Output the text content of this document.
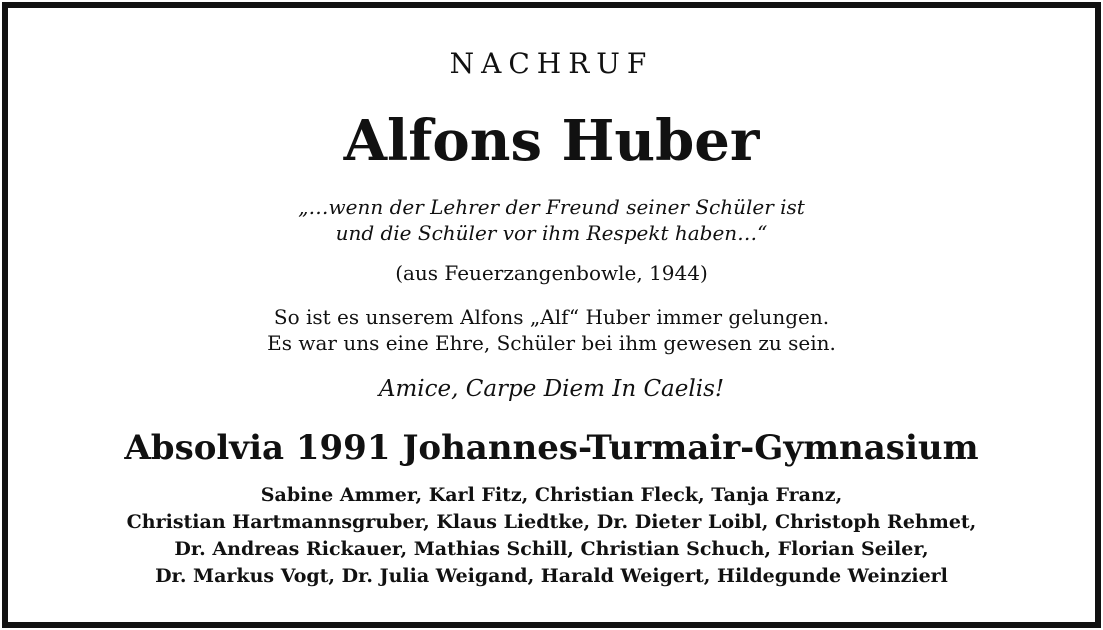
NACHRUF
Alfons Huber
„…wenn der Lehrer der Freund seiner Schüler ist
und die Schüler vor ihm Respekt haben…“
(aus Feuerzangenbowle, 1944)
So ist es unserem Alfons „Alf“ Huber immer gelungen.
Es war uns eine Ehre, Schüler bei ihm gewesen zu sein.
Amice, Carpe Diem In Caelis!
Absolvia 1991 Johannes-Turmair-Gymnasium
Sabine Ammer, Karl Fitz, Christian Fleck, Tanja Franz,
Christian Hartmannsgruber, Klaus Liedtke, Dr. Dieter Loibl, Christoph Rehmet,
Dr. Andreas Rickauer, Mathias Schill, Christian Schuch, Florian Seiler,
Dr. Markus Vogt, Dr. Julia Weigand, Harald Weigert, Hildegunde Weinzierl
